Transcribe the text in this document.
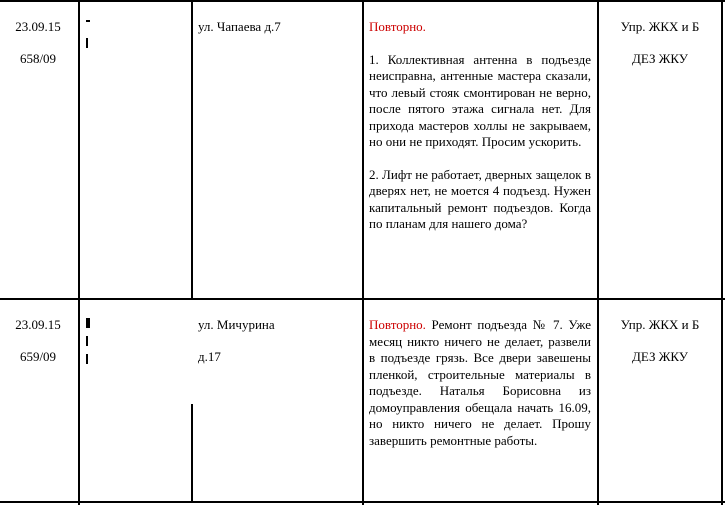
23.09.15
658/09
ул. Чапаева д.7	Повторно.

1. Коллективная антенна в подъезде неисправна, антенные мастера сказали, что левый стояк смонтирован не верно, после пятого этажа сигнала нет. Для прихода мастеров холлы не закрываем, но они не приходят. Просим ускорить.

2. Лифт не работает, дверных защелок в дверях нет, не моется 4 подъезд. Нужен капитальный ремонт подъездов. Когда по планам для нашего дома?

Упр. ЖКХ и Б
ДЕЗ ЖКУ
23.09.15
659/09
ул. Мичурина
д.17

Повторно. Ремонт подъезда № 7. Уже месяц никто ничего не делает, развели в подъезде грязь. Все двери завешены пленкой, строительные материалы в подъезде. Наталья Борисовна из домоуправления обещала начать 16.09, но никто ничего не делает. Прошу завершить ремонтные работы.

Упр. ЖКХ и Б
ДЕЗ ЖКУ
